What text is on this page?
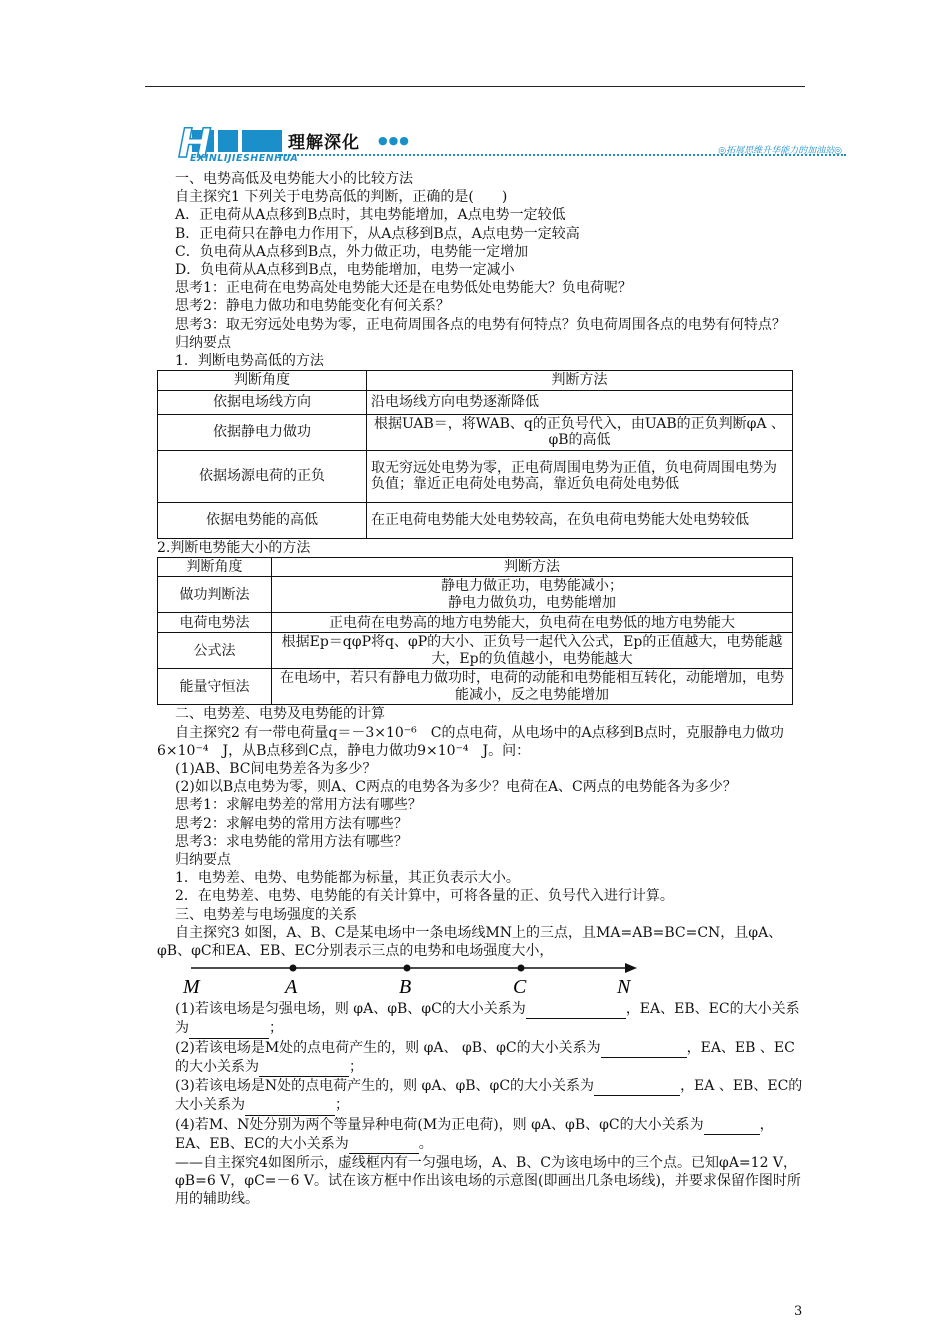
H	理解深化 ●●●
EXINLIJIESHENHUA
◎拓展思维升华能力的加油站◎

一、电势高低及电势能大小的比较方法

自主探究1 下列关于电势高低的判断，正确的是(　　)

A．正电荷从A点移到B点时，其电势能增加，A点电势一定较低

B．正电荷只在静电力作用下，从A点移到B点，A点电势一定较高

C．负电荷从A点移到B点，外力做正功，电势能一定增加

D．负电荷从A点移到B点，电势能增加，电势一定减小

思考1：正电荷在电势高处电势能大还是在电势低处电势能大？负电荷呢？

思考2：静电力做功和电势能变化有何关系？

思考3：取无穷远处电势为零，正电荷周围各点的电势有何特点？负电荷周围各点的电势有何特点？

归纳要点

1．判断电势高低的方法

判断角度	判断方法
依据电场线方向	沿电场线方向电势逐渐降低
依据静电力做功	根据UAB＝，将WAB、q的正负号代入，由UAB的正负判断φA 、φB的高低
依据场源电荷的正负	取无穷远处电势为零，正电荷周围电势为正值，负电荷周围电势为负值；靠近正电荷处电势高，靠近负电荷处电势低
依据电势能的高低	在正电荷电势能大处电势较高，在负电荷电势能大处电势较低

2.判断电势能大小的方法

判断角度	判断方法
做功判断法	静电力做正功，电势能减小；
静电力做负功，电势能增加
电荷电势法	正电荷在电势高的地方电势能大，负电荷在电势低的地方电势能大
公式法	根据Ep＝qφP将q、φP的大小、正负号一起代入公式，Ep的正值越大，电势能越大，Ep的负值越小，电势能越大
能量守恒法	在电场中，若只有静电力做功时，电荷的动能和电势能相互转化，动能增加，电势能减小，反之电势能增加

二、电势差、电势及电势能的计算

自主探究2 有一带电荷量q＝－3×10⁻⁶　C的点电荷，从电场中的A点移到B点时，克服静电力做功6×10⁻⁴　J，从B点移到C点，静电力做功9×10⁻⁴　J。问：

(1)AB、BC间电势差各为多少？

(2)如以B点电势为零，则A、C两点的电势各为多少？电荷在A、C两点的电势能各为多少？

思考1：求解电势差的常用方法有哪些？

思考2：求解电势的常用方法有哪些？

思考3：求电势能的常用方法有哪些？

归纳要点

1．电势差、电势、电势能都为标量，其正负表示大小。

2．在电势差、电势、电势能的有关计算中，可将各量的正、负号代入进行计算。

三、电势差与电场强度的关系

自主探究3 如图，A、B、C是某电场中一条电场线MN上的三点，且MA=AB=BC=CN，且φA、φB、φC和EA、EB、EC分别表示三点的电势和电场强度大小，

M	A	B	C	N

(1)若该电场是匀强电场，则 φA、φB、φC的大小关系为	，EA、EB、EC的大小关系为	；

(2)若该电场是M处的点电荷产生的，则 φA、 φB、φC的大小关系为	，EA、EB 、EC的大小关系为	；

(3)若该电场是N处的点电荷产生的，则 φA、φB、φC的大小关系为	，EA 、EB、EC的大小关系为	；

(4)若M、N处分别为两个等量异种电荷(M为正电荷)，则 φA、φB、φC的大小关系为	，EA、EB、EC的大小关系为	。

——自主探究4如图所示，虚线框内有一匀强电场，A、B、C为该电场中的三个点。已知φA=12 V，φB=6 V，φC=－6 V。试在该方框中作出该电场的示意图(即画出几条电场线)，并要求保留作图时所用的辅助线。

3
